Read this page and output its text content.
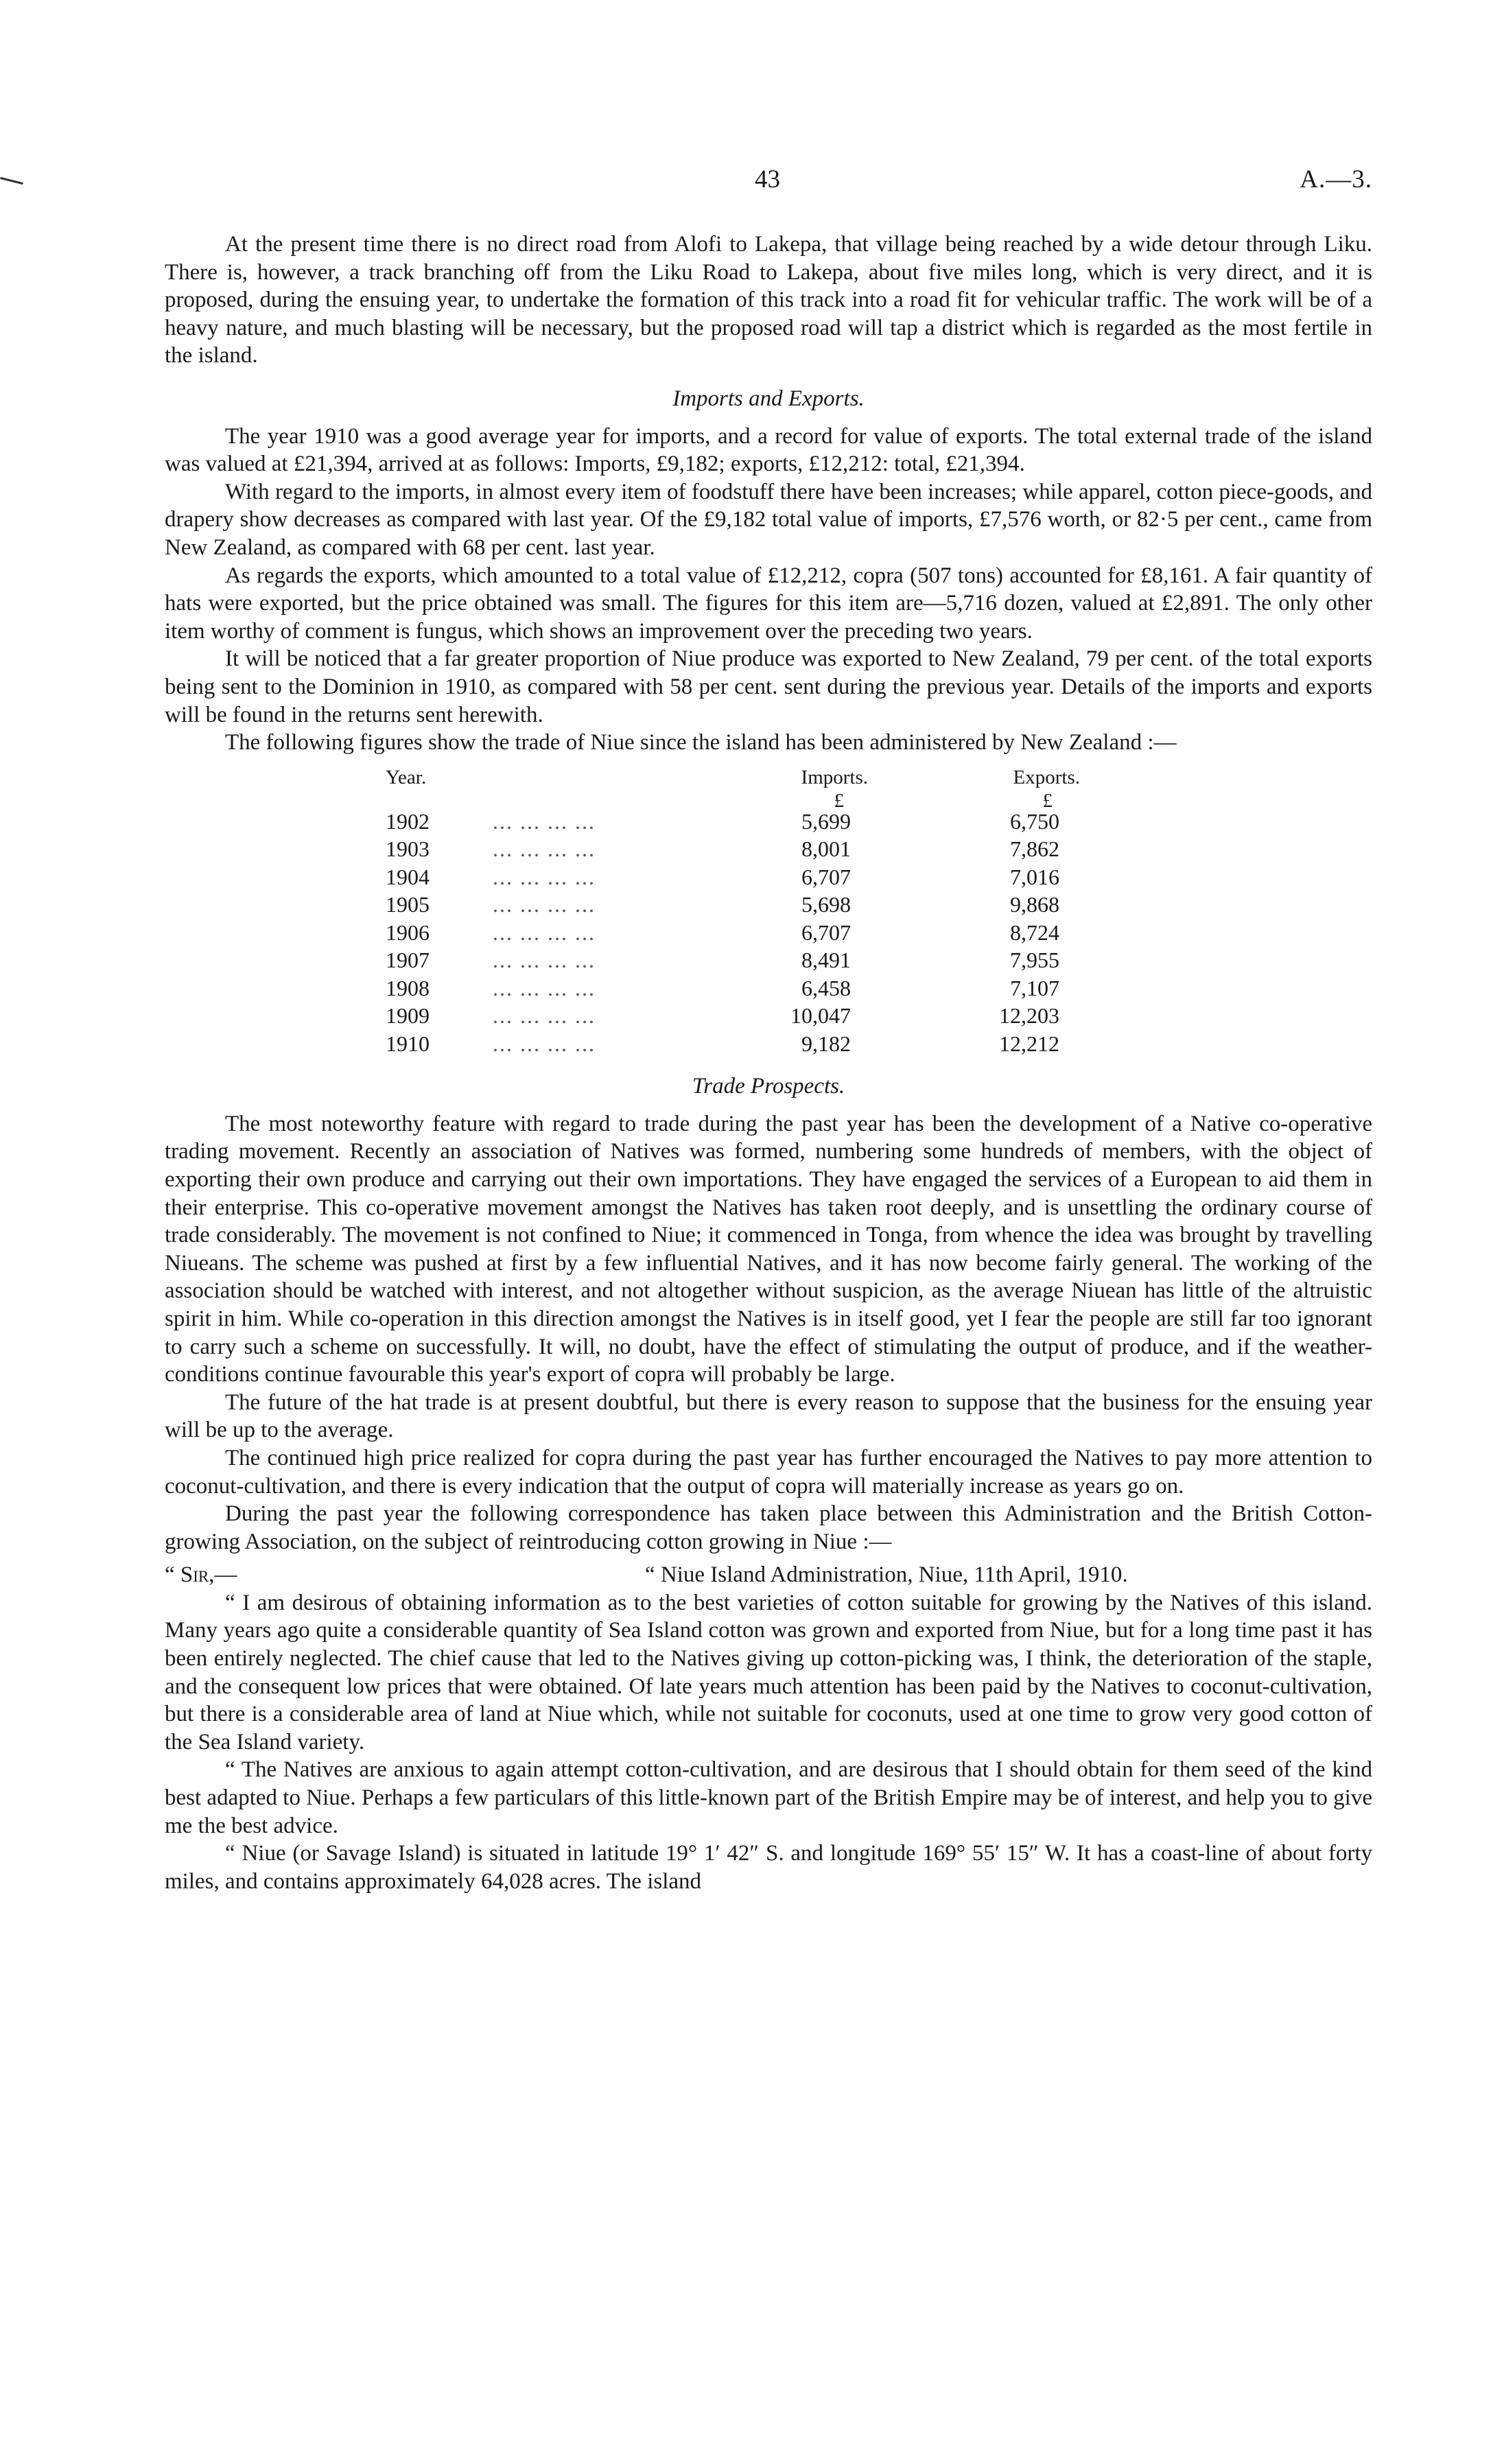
43	A.—3.

At the present time there is no direct road from Alofi to Lakepa, that village being reached by a wide detour through Liku. There is, however, a track branching off from the Liku Road to Lakepa, about five miles long, which is very direct, and it is proposed, during the ensuing year, to undertake the formation of this track into a road fit for vehicular traffic. The work will be of a heavy nature, and much blasting will be necessary, but the proposed road will tap a district which is regarded as the most fertile in the island.

Imports and Exports.

The year 1910 was a good average year for imports, and a record for value of exports. The total external trade of the island was valued at £21,394, arrived at as follows: Imports, £9,182; exports, £12,212: total, £21,394.

With regard to the imports, in almost every item of foodstuff there have been increases; while apparel, cotton piece-goods, and drapery show decreases as compared with last year. Of the £9,182 total value of imports, £7,576 worth, or 82·5 per cent., came from New Zealand, as compared with 68 per cent. last year.

As regards the exports, which amounted to a total value of £12,212, copra (507 tons) accounted for £8,161. A fair quantity of hats were exported, but the price obtained was small. The figures for this item are—5,716 dozen, valued at £2,891. The only other item worthy of comment is fungus, which shows an improvement over the preceding two years.

It will be noticed that a far greater proportion of Niue produce was exported to New Zealand, 79 per cent. of the total exports being sent to the Dominion in 1910, as compared with 58 per cent. sent during the previous year. Details of the imports and exports will be found in the returns sent herewith.

The following figures show the trade of Niue since the island has been administered by New Zealand :—

Year.	Imports.	Exports.
£	£
1902	... ... ... ...	5,699	6,750
1903	... ... ... ...	8,001	7,862
1904	... ... ... ...	6,707	7,016
1905	... ... ... ...	5,698	9,868
1906	... ... ... ...	6,707	8,724
1907	... ... ... ...	8,491	7,955
1908	... ... ... ...	6,458	7,107
1909	... ... ... ...	10,047	12,203
1910	... ... ... ...	9,182	12,212
Trade Prospects.

The most noteworthy feature with regard to trade during the past year has been the development of a Native co-operative trading movement. Recently an association of Natives was formed, numbering some hundreds of members, with the object of exporting their own produce and carrying out their own importations. They have engaged the services of a European to aid them in their enterprise. This co-operative movement amongst the Natives has taken root deeply, and is unsettling the ordinary course of trade considerably. The movement is not confined to Niue; it commenced in Tonga, from whence the idea was brought by travelling Niueans. The scheme was pushed at first by a few influential Natives, and it has now become fairly general. The working of the association should be watched with interest, and not altogether without suspicion, as the average Niuean has little of the altruistic spirit in him. While co-operation in this direction amongst the Natives is in itself good, yet I fear the people are still far too ignorant to carry such a scheme on successfully. It will, no doubt, have the effect of stimulating the output of produce, and if the weather-conditions continue favourable this year's export of copra will probably be large.

The future of the hat trade is at present doubtful, but there is every reason to suppose that the business for the ensuing year will be up to the average.

The continued high price realized for copra during the past year has further encouraged the Natives to pay more attention to coconut-cultivation, and there is every indication that the output of copra will materially increase as years go on.

During the past year the following correspondence has taken place between this Administration and the British Cotton-growing Association, on the subject of reintroducing cotton growing in Niue :—

“ Sir,—	“ Niue Island Administration, Niue, 11th April, 1910.

“ I am desirous of obtaining information as to the best varieties of cotton suitable for growing by the Natives of this island. Many years ago quite a considerable quantity of Sea Island cotton was grown and exported from Niue, but for a long time past it has been entirely neglected. The chief cause that led to the Natives giving up cotton-picking was, I think, the deterioration of the staple, and the consequent low prices that were obtained. Of late years much attention has been paid by the Natives to coconut-cultivation, but there is a considerable area of land at Niue which, while not suitable for coconuts, used at one time to grow very good cotton of the Sea Island variety.

“ The Natives are anxious to again attempt cotton-cultivation, and are desirous that I should obtain for them seed of the kind best adapted to Niue. Perhaps a few particulars of this little-known part of the British Empire may be of interest, and help you to give me the best advice.

“ Niue (or Savage Island) is situated in latitude 19° 1′ 42″ S. and longitude 169° 55′ 15″ W. It has a coast-line of about forty miles, and contains approximately 64,028 acres. The island
